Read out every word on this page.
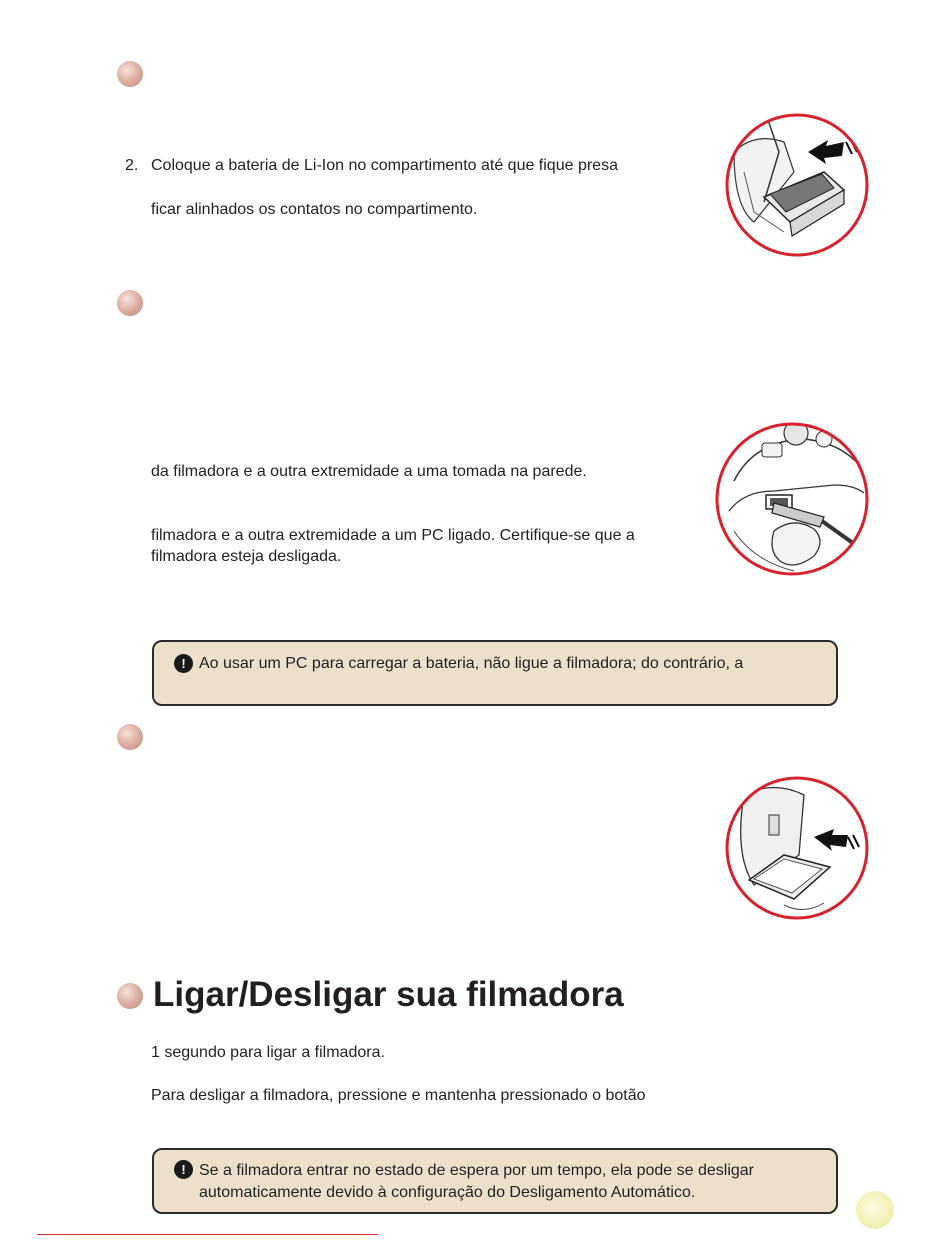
2. Coloque a bateria de Li-Ion no compartimento até que fique presa

ficar alinhados os contatos no compartimento.

da filmadora e a outra extremidade a uma tomada na parede.

filmadora e a outra extremidade a um PC ligado. Certifique-se que a

filmadora esteja desligada.

! Ao usar um PC para carregar a bateria, não ligue a filmadora; do contrário, a

Ligar/Desligar sua filmadora

1 segundo para ligar a filmadora.

Para desligar a filmadora, pressione e mantenha pressionado o botão

! Se a filmadora entrar no estado de espera por um tempo, ela pode se desligar

automaticamente devido à configuração do Desligamento Automático.
